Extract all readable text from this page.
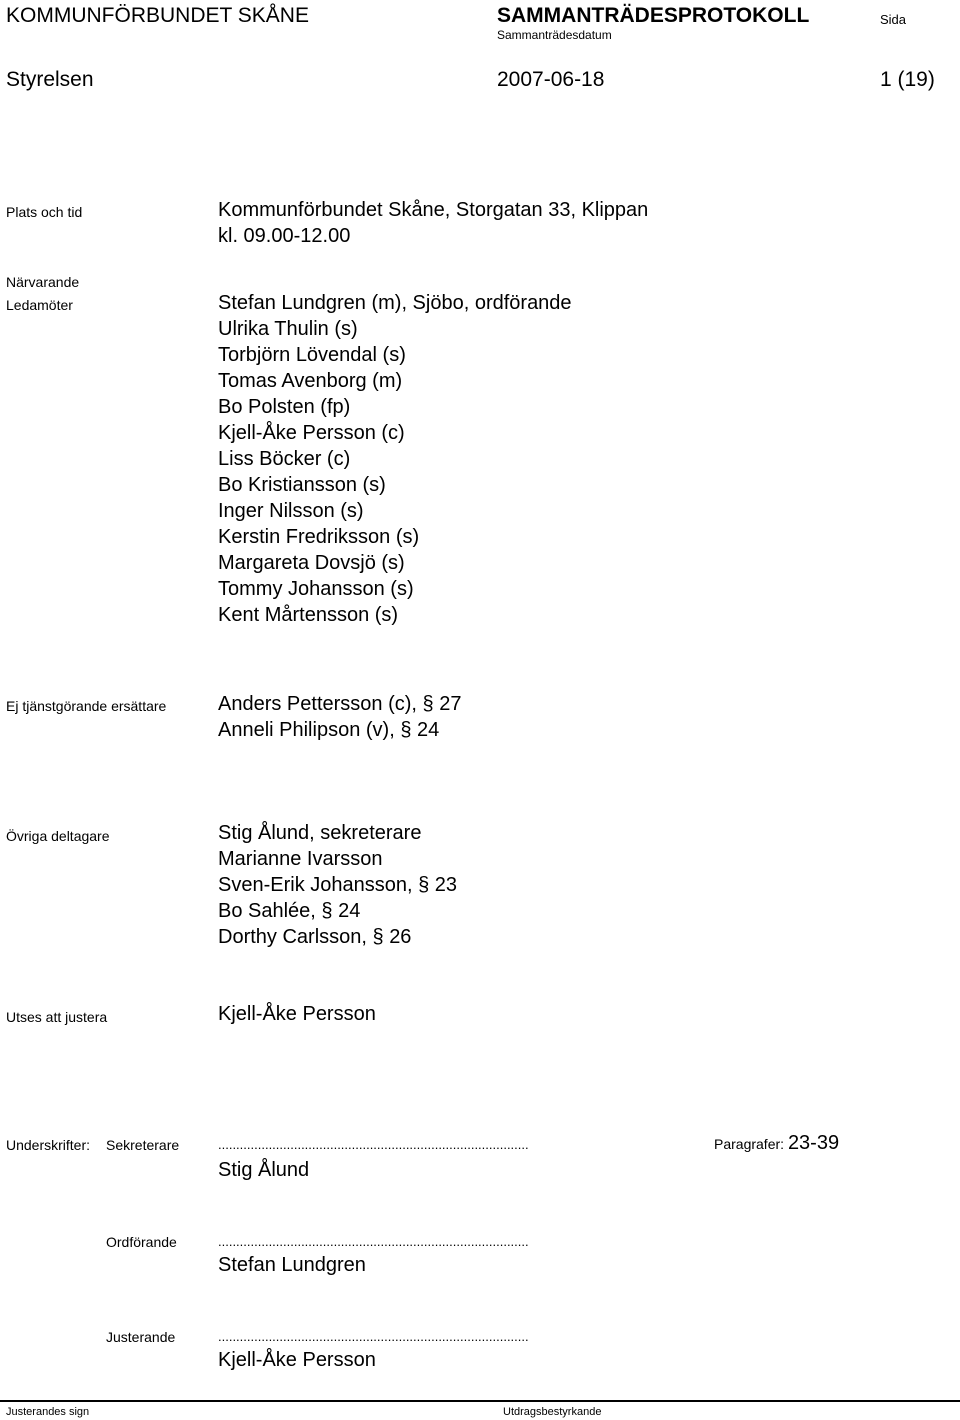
KOMMUNFÖRBUNDET SKÅNE	SAMMANTRÄDESPROTOKOLL	Sida
Sammanträdesdatum
Styrelsen	2007-06-18	1 (19)
Plats och tid	Kommunförbundet Skåne, Storgatan 33, Klippan
kl. 09.00-12.00
Närvarande
Ledamöter	Stefan Lundgren (m), Sjöbo, ordförande
Ulrika Thulin (s)
Torbjörn Lövendal (s)
Tomas Avenborg (m)
Bo Polsten (fp)
Kjell-Åke Persson (c)
Liss Böcker (c)
Bo Kristiansson (s)
Inger Nilsson (s)
Kerstin Fredriksson (s)
Margareta Dovsjö (s)
Tommy Johansson (s)
Kent Mårtensson (s)
Ej tjänstgörande ersättare	Anders Pettersson (c), § 27
Anneli Philipson (v), § 24
Övriga deltagare	Stig Ålund, sekreterare
Marianne Ivarsson
Sven-Erik Johansson, § 23
Bo Sahlée, § 24
Dorthy Carlsson, § 26
Utses att justera	Kjell-Åke Persson
Underskrifter: Sekreterare	......................................................................................	Paragrafer: 23-39
Stig Ålund
Ordförande	......................................................................................
Stefan Lundgren
Justerande	......................................................................................
Kjell-Åke Persson
Justerandes sign	Utdragsbestyrkande
